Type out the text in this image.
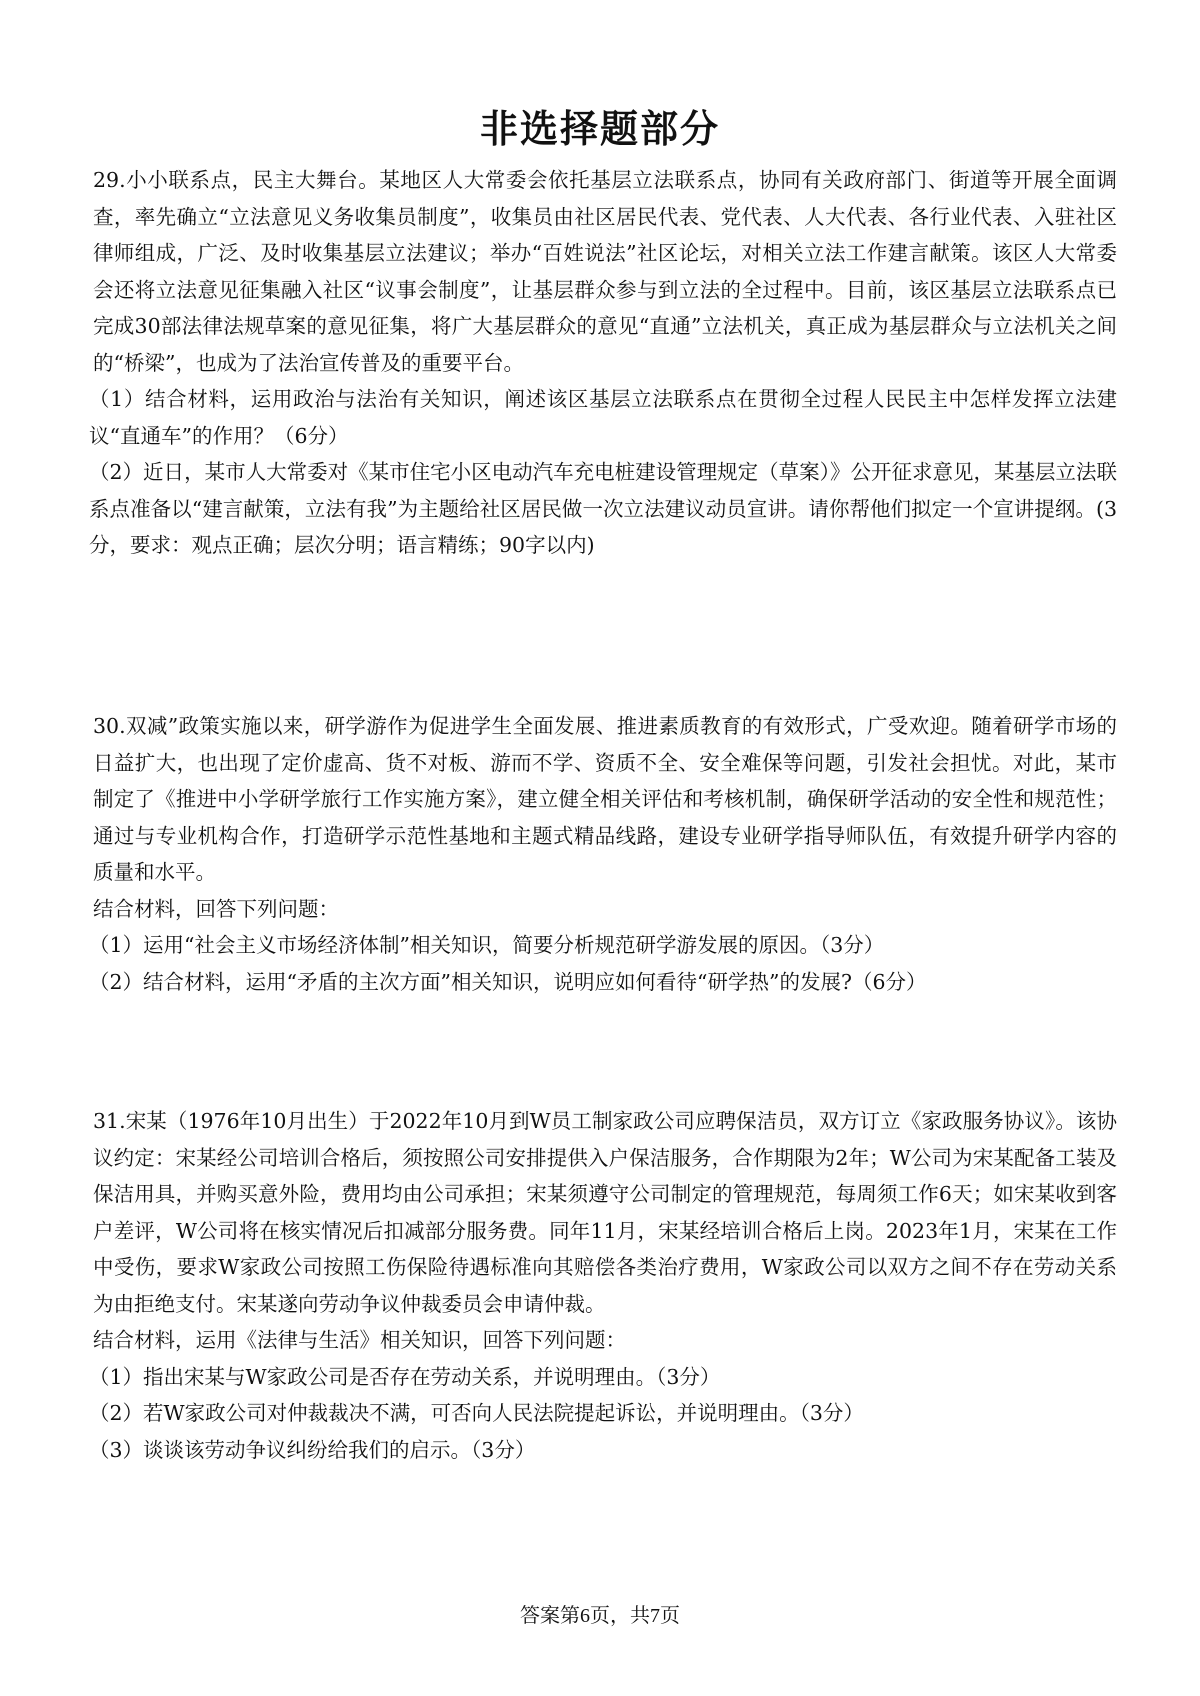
非选择题部分

29.小小联系点，民主大舞台。某地区人大常委会依托基层立法联系点，协同有关政府部门、街道等开展全面调查，率先确立“立法意见义务收集员制度”，收集员由社区居民代表、党代表、人大代表、各行业代表、入驻社区律师组成，广泛、及时收集基层立法建议；举办“百姓说法”社区论坛，对相关立法工作建言献策。该区人大常委会还将立法意见征集融入社区“议事会制度”，让基层群众参与到立法的全过程中。目前，该区基层立法联系点已完成30部法律法规草案的意见征集，将广大基层群众的意见“直通”立法机关，真正成为基层群众与立法机关之间的“桥梁”，也成为了法治宣传普及的重要平台。

（1）结合材料，运用政治与法治有关知识，阐述该区基层立法联系点在贯彻全过程人民民主中怎样发挥立法建议“直通车”的作用？（6分）

（2）近日，某市人大常委对《某市住宅小区电动汽车充电桩建设管理规定（草案）》公开征求意见，某基层立法联系点准备以“建言献策，立法有我”为主题给社区居民做一次立法建议动员宣讲。请你帮他们拟定一个宣讲提纲。(3分，要求：观点正确；层次分明；语言精练；90字以内)

30.双减”政策实施以来，研学游作为促进学生全面发展、推进素质教育的有效形式，广受欢迎。随着研学市场的日益扩大，也出现了定价虚高、货不对板、游而不学、资质不全、安全难保等问题，引发社会担忧。对此，某市制定了《推进中小学研学旅行工作实施方案》，建立健全相关评估和考核机制，确保研学活动的安全性和规范性；通过与专业机构合作，打造研学示范性基地和主题式精品线路，建设专业研学指导师队伍，有效提升研学内容的质量和水平。

结合材料，回答下列问题：

（1）运用“社会主义市场经济体制”相关知识，简要分析规范研学游发展的原因。（3分）

（2）结合材料，运用“矛盾的主次方面”相关知识，说明应如何看待“研学热”的发展?（6分）

31.宋某（1976年10月出生）于2022年10月到W员工制家政公司应聘保洁员，双方订立《家政服务协议》。该协议约定：宋某经公司培训合格后，须按照公司安排提供入户保洁服务，合作期限为2年；W公司为宋某配备工装及保洁用具，并购买意外险，费用均由公司承担；宋某须遵守公司制定的管理规范，每周须工作6天；如宋某收到客户差评，W公司将在核实情况后扣减部分服务费。同年11月，宋某经培训合格后上岗。2023年1月，宋某在工作中受伤，要求W家政公司按照工伤保险待遇标准向其赔偿各类治疗费用，W家政公司以双方之间不存在劳动关系为由拒绝支付。宋某遂向劳动争议仲裁委员会申请仲裁。

结合材料，运用《法律与生活》相关知识，回答下列问题：

（1）指出宋某与W家政公司是否存在劳动关系，并说明理由。（3分）

（2）若W家政公司对仲裁裁决不满，可否向人民法院提起诉讼，并说明理由。（3分）

（3）谈谈该劳动争议纠纷给我们的启示。（3分）

答案第6页，共7页
